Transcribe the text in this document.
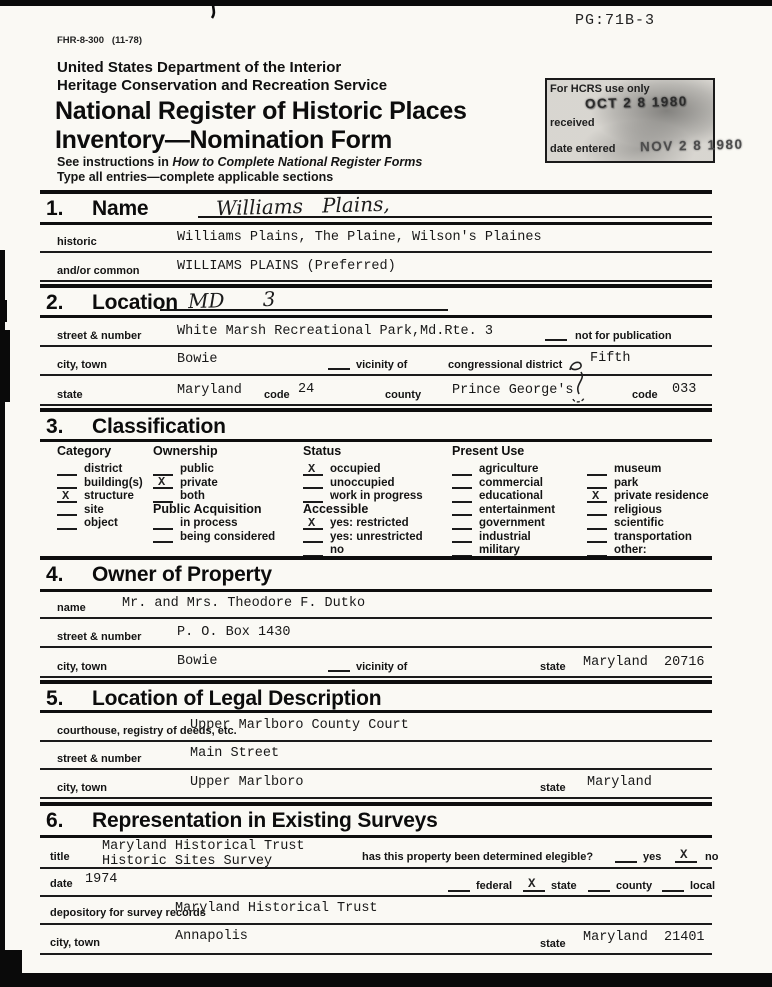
PG:71B-3
FHR-8-300   (11-78)
United States Department of the Interior
Heritage Conservation and Recreation Service
National Register of Historic Places
Inventory—Nomination Form
See instructions in How to Complete National Register Forms
Type all entries—complete applicable sections
For HCRS use only
received
OCT 2 8 1980
date entered NOV 2 8 1980
1. Name	Williams   Plains,
historic	Williams Plains, The Plaine, Wilson's Plaines
and/or common	WILLIAMS PLAINS (Preferred)
2. Location MD      3
street & number	White Marsh Recreational Park,Md.Rte. 3	not for publication
city, town	Bowie	vicinity of	congressional district Fifth
state	Maryland code 24	county Prince George's	code 033
3. Classification
Category
district
building(s)
X structure
site
object
Ownership
public
X private
both
Public Acquisition
in process
being considered
Status
X occupied
unoccupied
work in progress
Accessible
X yes: restricted
yes: unrestricted
no
Present Use
agriculture
commercial
educational
entertainment
government
industrial
military
museum
park
X private residence
religious
scientific
transportation
other:
4. Owner of Property
name	Mr. and Mrs. Theodore F. Dutko
street & number	P. O. Box 1430
city, town	Bowie	vicinity of	state Maryland  20716
5. Location of Legal Description
courthouse, registry of deeds, etc.
Upper Marlboro County Court
street & number	Main Street
city, town	Upper Marlboro	state Maryland
6. Representation in Existing Surveys
title
Maryland Historical Trust
Historic Sites Survey	has this property been determined elegible?	yes X no
date 1974	federal X state	county	local
depository for survey records
Maryland Historical Trust
city, town	Annapolis	state Maryland  21401
